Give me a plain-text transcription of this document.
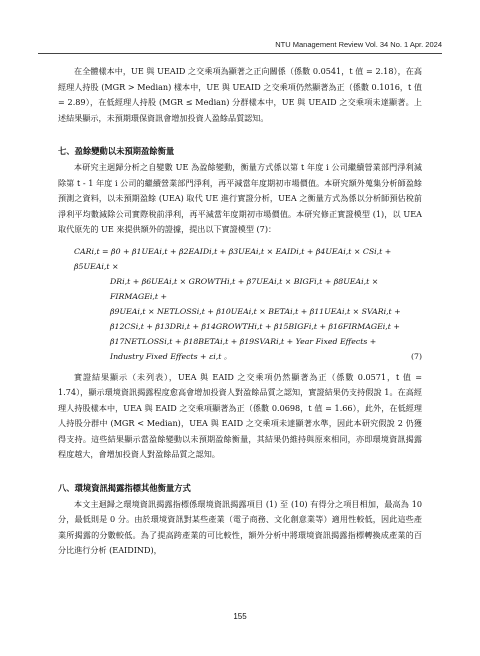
NTU Management Review Vol. 34 No. 1 Apr. 2024

在全體樣本中，UE 與 UEAID 之交乘項為顯著之正向關係（係數 0.0541，t 值 = 2.18），在高經理人持股 (MGR > Median) 樣本中，UE 與 UEAID 之交乘項仍然顯著為正（係數 0.1016，t 值 = 2.89），在低經理人持股 (MGR ≤ Median) 分群樣本中，UE 與 UEAID 之交乘項未達顯著。上述結果顯示，未預期環保資訊會增加投資人盈餘品質認知。

七、盈餘變動以未預期盈餘衡量

本研究主迴歸分析之自變數 UE 為盈餘變動，衡量方式係以第 t 年度 i 公司繼續營業部門淨利減除第 t - 1 年度 i 公司的繼續營業部門淨利，再平減當年度期初市場價值。本研究額外蒐集分析師盈餘預測之資料，以未預期盈餘 (UEA) 取代 UE 進行實證分析，UEA 之衡量方式為係以分析師預估稅前淨利平均數減除公司實際稅前淨利，再平減當年度期初市場價值。本研究修正實證模型 (1)，以 UEA 取代原先的 UE 來提供額外的證據，提出以下實證模型 (7)：

CARi,t = β0 + β1UEAi,t + β2EAIDi,t + β3UEAi,t × EAIDi,t + β4UEAi,t × CSi,t + β5UEAi,t ×
DRi,t + β6UEAi,t × GROWTHi,t + β7UEAi,t × BIGFi,t + β8UEAi,t × FIRMAGEi,t +
β9UEAi,t × NETLOSSi,t + β10UEAi,t × BETAi,t + β11UEAi,t × SVARi,t +
β12CSi,t + β13DRi,t + β14GROWTHi,t + β15BIGFi,t + β16FIRMAGEi,t +
β17NETLOSSi,t + β18BETAi,t + β19SVARi,t + Year Fixed Effects +
Industry Fixed Effects + εi,t 。	(7)

實證結果顯示（未列表），UEA 與 EAID 之交乘項仍然顯著為正（係數 0.0571，t 值 = 1.74），顯示環境資訊揭露程度愈高會增加投資人對盈餘品質之認知，實證結果仍支持假說 1。在高經理人持股樣本中，UEA 與 EAID 之交乘項顯著為正（係數 0.0698，t 值 = 1.66），此外，在低經理人持股分群中 (MGR < Median)，UEA 與 EAID 之交乘項未達顯著水準，因此本研究假說 2 仍獲得支持。這些結果顯示當盈餘變動以未預期盈餘衡量，其結果仍維持與原來相同，亦即環境資訊揭露程度越大，會增加投資人對盈餘品質之認知。

八、環境資訊揭露指標其他衡量方式

本文主迴歸之環境資訊揭露指標係環境資訊揭露項目 (1) 至 (10) 有得分之項目相加，最高為 10 分，最低則是 0 分。由於環境資訊對某些產業（電子商務、文化創意業等）適用性較低，因此這些產業所揭露的分數較低。為了提高跨產業的可比較性，額外分析中將環境資訊揭露指標轉換成產業的百分比進行分析 (EAIDIND)，

155
